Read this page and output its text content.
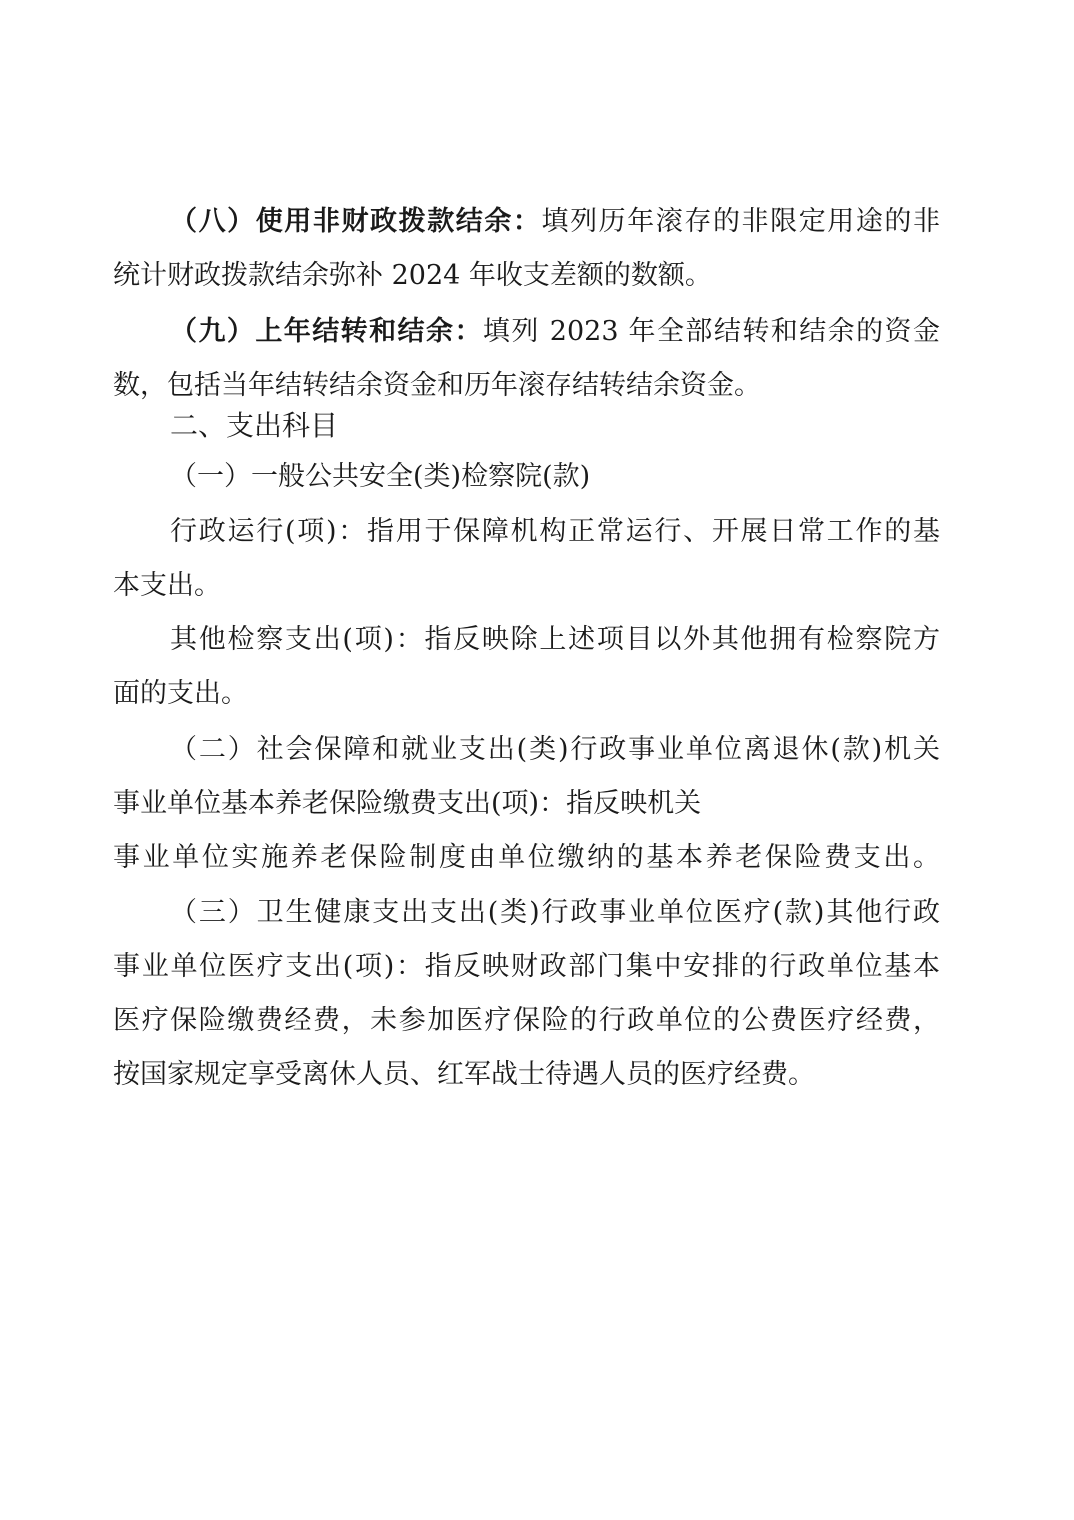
（八）使用非财政拨款结余：填列历年滚存的非限定用途的非
统计财政拨款结余弥补 2024 年收支差额的数额。
（九）上年结转和结余：填列 2023 年全部结转和结余的资金
数，包括当年结转结余资金和历年滚存结转结余资金。
二、支出科目
（一）一般公共安全(类)检察院(款)
行政运行(项)：指用于保障机构正常运行、开展日常工作的基
本支出。
其他检察支出(项)：指反映除上述项目以外其他拥有检察院方
面的支出。
（二）社会保障和就业支出(类)行政事业单位离退休(款)机关
事业单位基本养老保险缴费支出(项)：指反映机关
事业单位实施养老保险制度由单位缴纳的基本养老保险费支出。
（三）卫生健康支出支出(类)行政事业单位医疗(款)其他行政
事业单位医疗支出(项)：指反映财政部门集中安排的行政单位基本
医疗保险缴费经费，未参加医疗保险的行政单位的公费医疗经费，
按国家规定享受离休人员、红军战士待遇人员的医疗经费。
